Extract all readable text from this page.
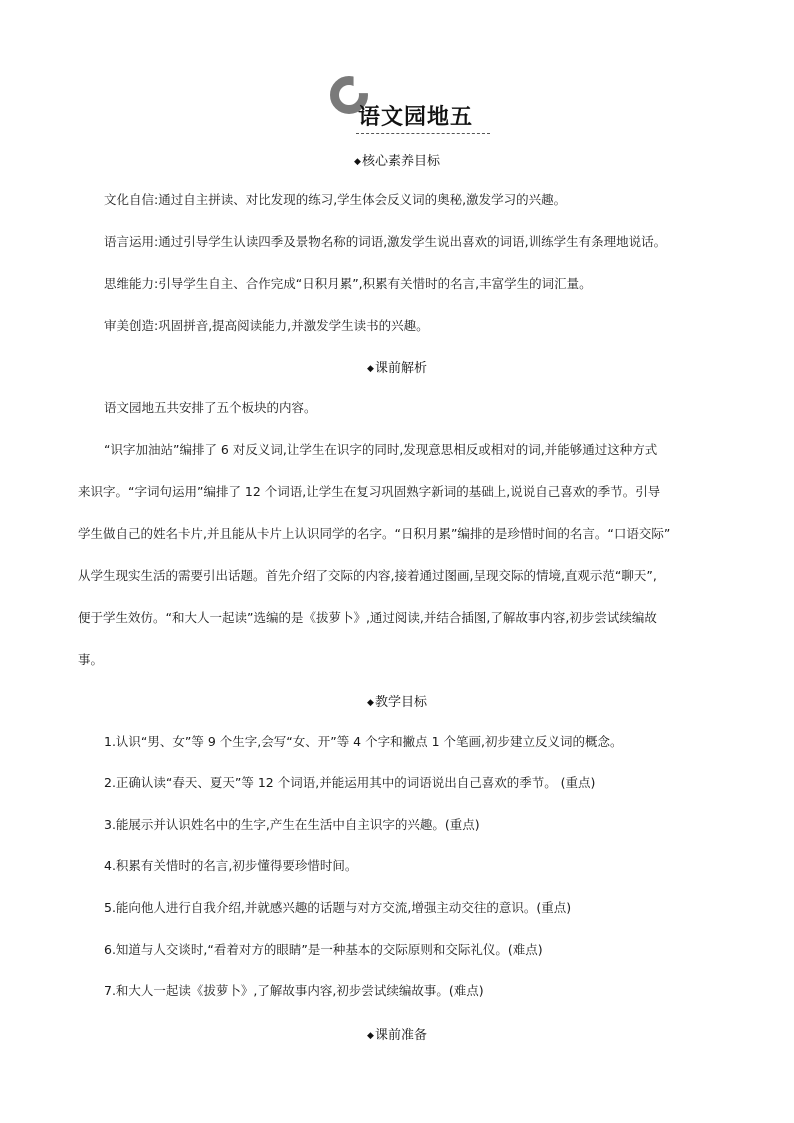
语文园地五
◆核心素养目标
文化自信:通过自主拼读、对比发现的练习,学生体会反义词的奥秘,激发学习的兴趣。
语言运用:通过引导学生认读四季及景物名称的词语,激发学生说出喜欢的词语,训练学生有条理地说话。
思维能力:引导学生自主、合作完成“日积月累”,积累有关惜时的名言,丰富学生的词汇量。
审美创造:巩固拼音,提高阅读能力,并激发学生读书的兴趣。
◆课前解析
语文园地五共安排了五个板块的内容。
“识字加油站”编排了 6 对反义词,让学生在识字的同时,发现意思相反或相对的词,并能够通过这种方式
来识字。“字词句运用”编排了 12 个词语,让学生在复习巩固熟字新词的基础上,说说自己喜欢的季节。引导
学生做自己的姓名卡片,并且能从卡片上认识同学的名字。“日积月累”编排的是珍惜时间的名言。“口语交际”
从学生现实生活的需要引出话题。首先介绍了交际的内容,接着通过图画,呈现交际的情境,直观示范“聊天”,
便于学生效仿。“和大人一起读”选编的是《拔萝卜》,通过阅读,并结合插图,了解故事内容,初步尝试续编故
事。
◆教学目标
1.认识“男、女”等 9 个生字,会写“女、开”等 4 个字和撇点 1 个笔画,初步建立反义词的概念。
2.正确认读“春天、夏天”等 12 个词语,并能运用其中的词语说出自己喜欢的季节。 (重点)
3.能展示并认识姓名中的生字,产生在生活中自主识字的兴趣。(重点)
4.积累有关惜时的名言,初步懂得要珍惜时间。
5.能向他人进行自我介绍,并就感兴趣的话题与对方交流,增强主动交往的意识。(重点)
6.知道与人交谈时,“看着对方的眼睛”是一种基本的交际原则和交际礼仪。(难点)
7.和大人一起读《拔萝卜》,了解故事内容,初步尝试续编故事。(难点)
◆课前准备
